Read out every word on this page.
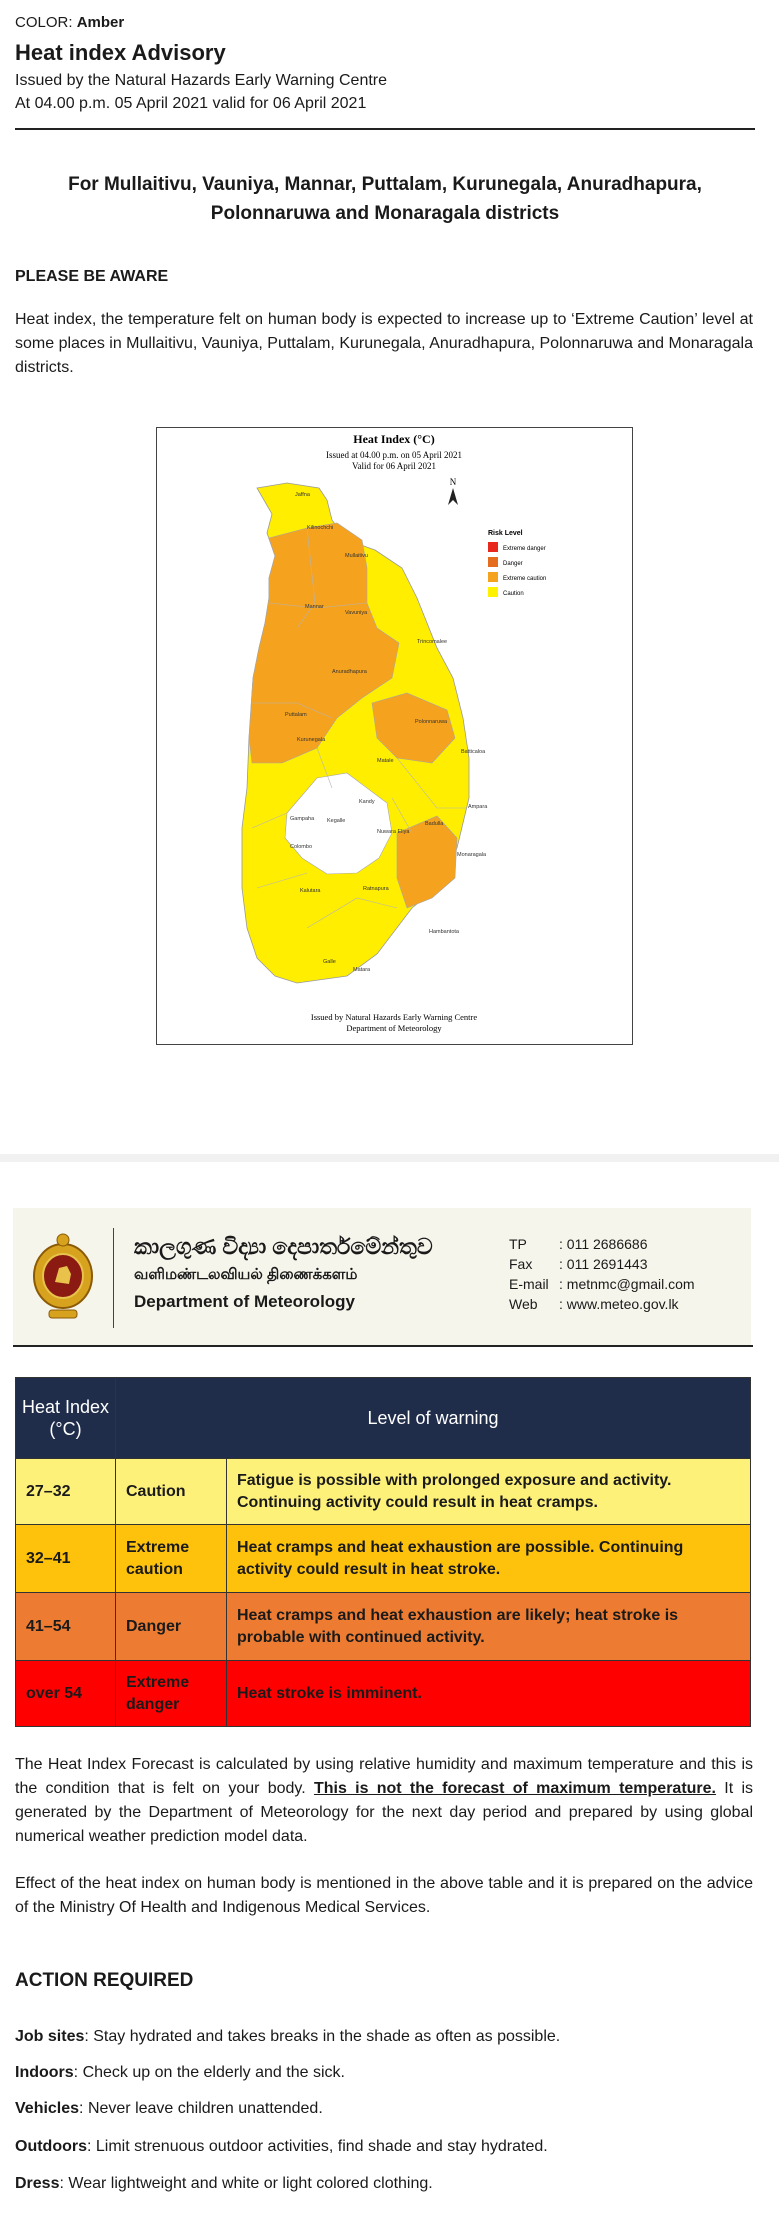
COLOR: Amber
Heat index Advisory
Issued by the Natural Hazards Early Warning Centre
At 04.00 p.m. 05 April 2021 valid for 06 April 2021
For Mullaitivu, Vauniya, Mannar, Puttalam, Kurunegala, Anuradhapura,
Polonnaruwa and Monaragala districts
PLEASE BE AWARE
Heat index, the temperature felt on human body is expected to increase up to ‘Extreme Caution’ level at some places in Mullaitivu, Vauniya, Puttalam, Kurunegala, Anuradhapura, Polonnaruwa and Monaragala districts.
Heat Index (°C)
Issued at 04.00 p.m. on 05 April 2021
Valid for 06 April 2021
N
Jaffna
Kilinochchi
Mullaitivu
Mannar
Vavuniya
Trincomalee
Anuradhapura
Polonnaruwa
Batticaloa
Puttalam
Kurunegala
Matale
Ampara
Kandy
Gampaha Kegalle
Nuwara Eliya
Badulla
Colombo
Monaragala
Kalutara	Ratnapura
Hambantota
Galle
Matara
Risk Level
Extreme danger
Danger
Extreme caution
Caution
Issued by Natural Hazards Early Warning Centre
Department of Meteorology
කාලගුණ විද්‍යා දෙපාර්තමේන්තුව
வளிமண்டலவியல் திணைக்களம்
Department of Meteorology
TP : 011 2686686
Fax : 011 2691443
E-mail : metnmc@gmail.com
Web : www.meteo.gov.lk
Heat Index (°C)	Level of warning	
27–32	Caution	Fatigue is possible with prolonged exposure and activity. Continuing activity could result in heat cramps.
32–41	Extreme caution	Heat cramps and heat exhaustion are possible. Continuing activity could result in heat stroke.
41–54	Danger	Heat cramps and heat exhaustion are likely; heat stroke is probable with continued activity.
over 54	Extreme danger	Heat stroke is imminent.
The Heat Index Forecast is calculated by using relative humidity and maximum temperature and this is the condition that is felt on your body. This is not the forecast of maximum temperature. It is generated by the Department of Meteorology for the next day period and prepared by using global numerical weather prediction model data.
Effect of the heat index on human body is mentioned in the above table and it is prepared on the advice of the Ministry Of Health and Indigenous Medical Services.
ACTION REQUIRED
Job sites: Stay hydrated and takes breaks in the shade as often as possible.
Indoors: Check up on the elderly and the sick.
Vehicles: Never leave children unattended.
Outdoors: Limit strenuous outdoor activities, find shade and stay hydrated.
Dress: Wear lightweight and white or light colored clothing.
